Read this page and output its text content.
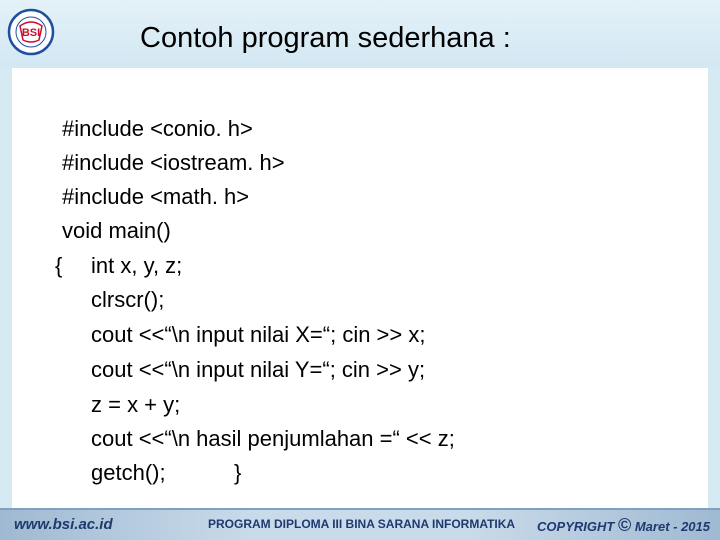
BSI	Contoh program sederhana :
#include <conio. h>
#include <iostream. h>
#include <math. h>
void main()
{ int x, y, z;
clrscr();
cout <<“\n input nilai X=“; cin >> x;
cout <<“\n input nilai Y=“; cin >> y;
z = x + y;
cout <<“\n hasil penjumlahan =“ << z;
getch();	}
www.bsi.ac.id	PROGRAM DIPLOMA III BINA SARANA INFORMATIKA COPYRIGHT © Maret - 2015
